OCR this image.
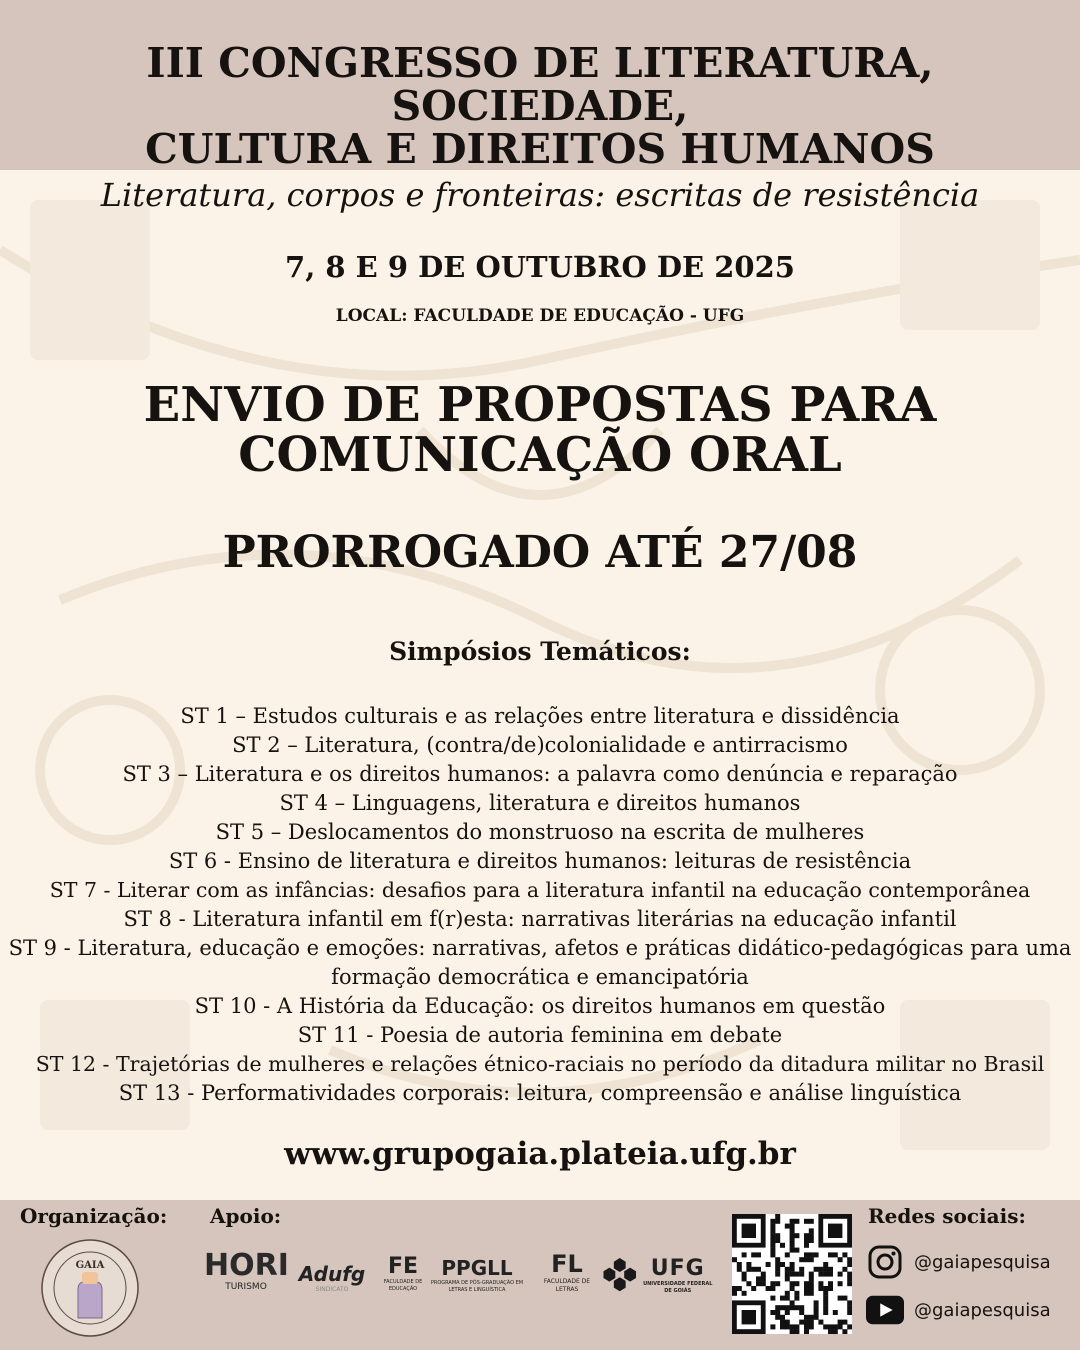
III CONGRESSO DE LITERATURA, SOCIEDADE,
CULTURA E DIREITOS HUMANOS
Literatura, corpos e fronteiras: escritas de resistência
7, 8 E 9 DE OUTUBRO DE 2025
LOCAL: FACULDADE DE EDUCAÇÃO - UFG
ENVIO DE PROPOSTAS PARA
COMUNICAÇÃO ORAL
PRORROGADO ATÉ 27/08
Simpósios Temáticos:
ST 1 – Estudos culturais e as relações entre literatura e dissidência
ST 2 – Literatura, (contra/de)colonialidade e antirracismo
ST 3 – Literatura e os direitos humanos: a palavra como denúncia e reparação
ST 4 – Linguagens, literatura e direitos humanos
ST 5 – Deslocamentos do monstruoso na escrita de mulheres
ST 6 - Ensino de literatura e direitos humanos: leituras de resistência
ST 7 - Literar com as infâncias: desafios para a literatura infantil na educação contemporânea
ST 8 - Literatura infantil em f(r)esta: narrativas literárias na educação infantil
ST 9 - Literatura, educação e emoções: narrativas, afetos e práticas didático-pedagógicas para uma formação democrática e emancipatória
ST 10 - A História da Educação: os direitos humanos em questão
ST 11 - Poesia de autoria feminina em debate
ST 12 - Trajetórias de mulheres e relações étnico-raciais no período da ditadura militar no Brasil
ST 13 - Performatividades corporais: leitura, compreensão e análise linguística
www.grupogaia.plateia.ufg.br
Organização: Apoio:	Redes sociais:
GAIA	HORI
TURISMO
Adufg
SINDICATO
FE
FACULDADE DE EDUCAÇÃO
PPGLL
PROGRAMA DE PÓS-GRADUAÇÃO EM LETRAS E LINGUÍSTICA
FL
FACULDADE DE LETRAS
UFG
UNIVERSIDADE FEDERAL DE GOIÁS
@gaiapesquisa
@gaiapesquisa
